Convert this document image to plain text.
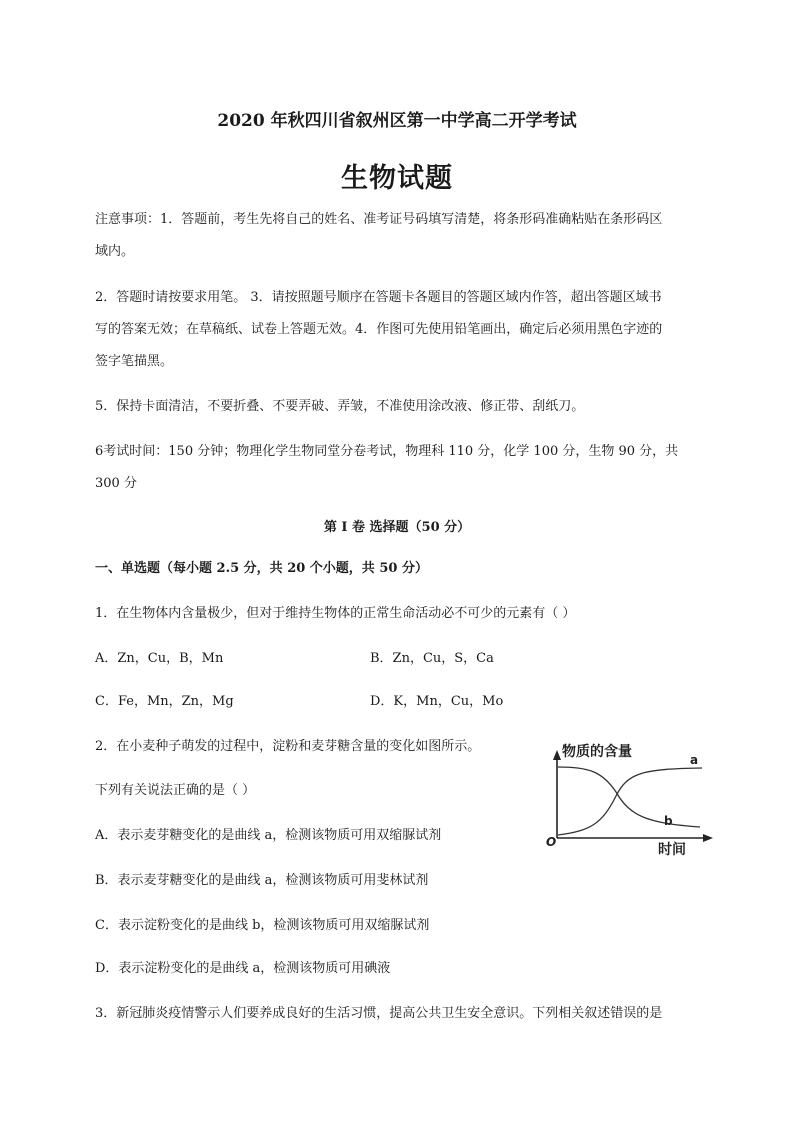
2020 年秋四川省叙州区第一中学高二开学考试
生物试题
注意事项：1．答题前，考生先将自己的姓名、准考证号码填写清楚，将条形码准确粘贴在条形码区
域内。
2．答题时请按要求用笔。 3．请按照题号顺序在答题卡各题目的答题区域内作答，超出答题区域书
写的答案无效；在草稿纸、试卷上答题无效。4．作图可先使用铅笔画出，确定后必须用黑色字迹的
签字笔描黑。
5．保持卡面清洁，不要折叠、不要弄破、弄皱，不准使用涂改液、修正带、刮纸刀。
6考试时间：150 分钟；物理化学生物同堂分卷考试，物理科 110 分，化学 100 分，生物 90 分，共
300 分
第 I 卷 选择题（50 分）
一、单选题（每小题 2.5 分，共 20 个小题，共 50 分）
1．在生物体内含量极少，但对于维持生物体的正常生命活动必不可少的元素有（ ）
A．Zn，Cu，B，Mn	B．Zn，Cu，S，Ca
C．Fe，Mn，Zn，Mg	D．K，Mn，Cu，Mo
2．在小麦种子萌发的过程中，淀粉和麦芽糖含量的变化如图所示。
下列有关说法正确的是（ ）
A．表示麦芽糖变化的是曲线 a，检测该物质可用双缩脲试剂
B．表示麦芽糖变化的是曲线 a，检测该物质可用斐林试剂
C．表示淀粉变化的是曲线 b，检测该物质可用双缩脲试剂
D．表示淀粉变化的是曲线 a，检测该物质可用碘液
3．新冠肺炎疫情警示人们要养成良好的生活习惯，提高公共卫生安全意识。下列相关叙述错误的是
物质的含量
时间
O
a
b
